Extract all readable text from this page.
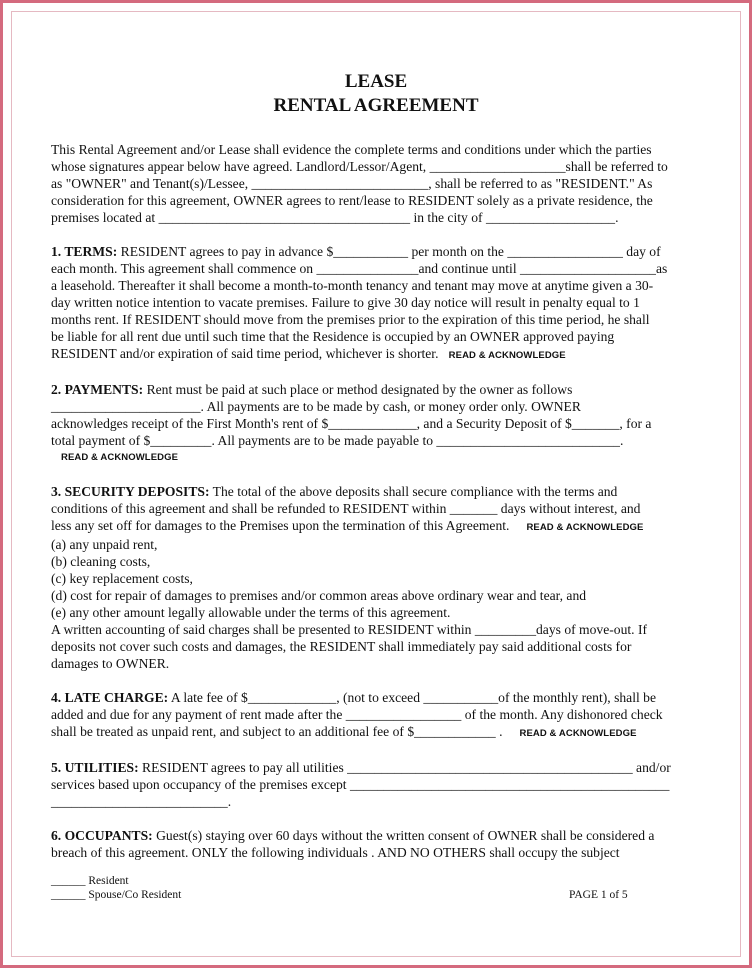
LEASE
RENTAL AGREEMENT
This Rental Agreement and/or Lease shall evidence the complete terms and conditions under which the parties
whose signatures appear below have agreed. Landlord/Lessor/Agent, ____________________shall be referred to
as "OWNER" and Tenant(s)/Lessee, __________________________, shall be referred to as "RESIDENT." As
consideration for this agreement, OWNER agrees to rent/lease to RESIDENT solely as a private residence, the
premises located at _____________________________________ in the city of ___________________.
1. TERMS: RESIDENT agrees to pay in advance $___________ per month on the _________________ day of
each month. This agreement shall commence on _______________and continue until ____________________as
a leasehold. Thereafter it shall become a month-to-month tenancy and tenant may move at anytime given a 30-
day written notice intention to vacate premises. Failure to give 30 day notice will result in penalty equal to 1
months rent. If RESIDENT should move from the premises prior to the expiration of this time period, he shall
be liable for all rent due until such time that the Residence is occupied by an OWNER approved paying
RESIDENT and/or expiration of said time period, whichever is shorter. READ & ACKNOWLEDGE
2. PAYMENTS: Rent must be paid at such place or method designated by the owner as follows
______________________. All payments are to be made by cash, or money order only. OWNER
acknowledges receipt of the First Month's rent of $_____________, and a Security Deposit of $_______, for a
total payment of $_________. All payments are to be made payable to ___________________________.
READ & ACKNOWLEDGE
3. SECURITY DEPOSITS: The total of the above deposits shall secure compliance with the terms and
conditions of this agreement and shall be refunded to RESIDENT within _______ days without interest, and
less any set off for damages to the Premises upon the termination of this Agreement. READ & ACKNOWLEDGE
(a) any unpaid rent,
(b) cleaning costs,
(c) key replacement costs,
(d) cost for repair of damages to premises and/or common areas above ordinary wear and tear, and
(e) any other amount legally allowable under the terms of this agreement.
A written accounting of said charges shall be presented to RESIDENT within _________days of move-out. If
deposits not cover such costs and damages, the RESIDENT shall immediately pay said additional costs for
damages to OWNER.
4. LATE CHARGE: A late fee of $_____________, (not to exceed ___________of the monthly rent), shall be
added and due for any payment of rent made after the _________________ of the month. Any dishonored check
shall be treated as unpaid rent, and subject to an additional fee of $____________ . READ & ACKNOWLEDGE
5. UTILITIES: RESIDENT agrees to pay all utilities __________________________________________ and/or
services based upon occupancy of the premises except _______________________________________________
__________________________.
6. OCCUPANTS: Guest(s) staying over 60 days without the written consent of OWNER shall be considered a
breach of this agreement. ONLY the following individuals . AND NO OTHERS shall occupy the subject
______ Resident
______ Spouse/Co Resident	PAGE 1 of 5
